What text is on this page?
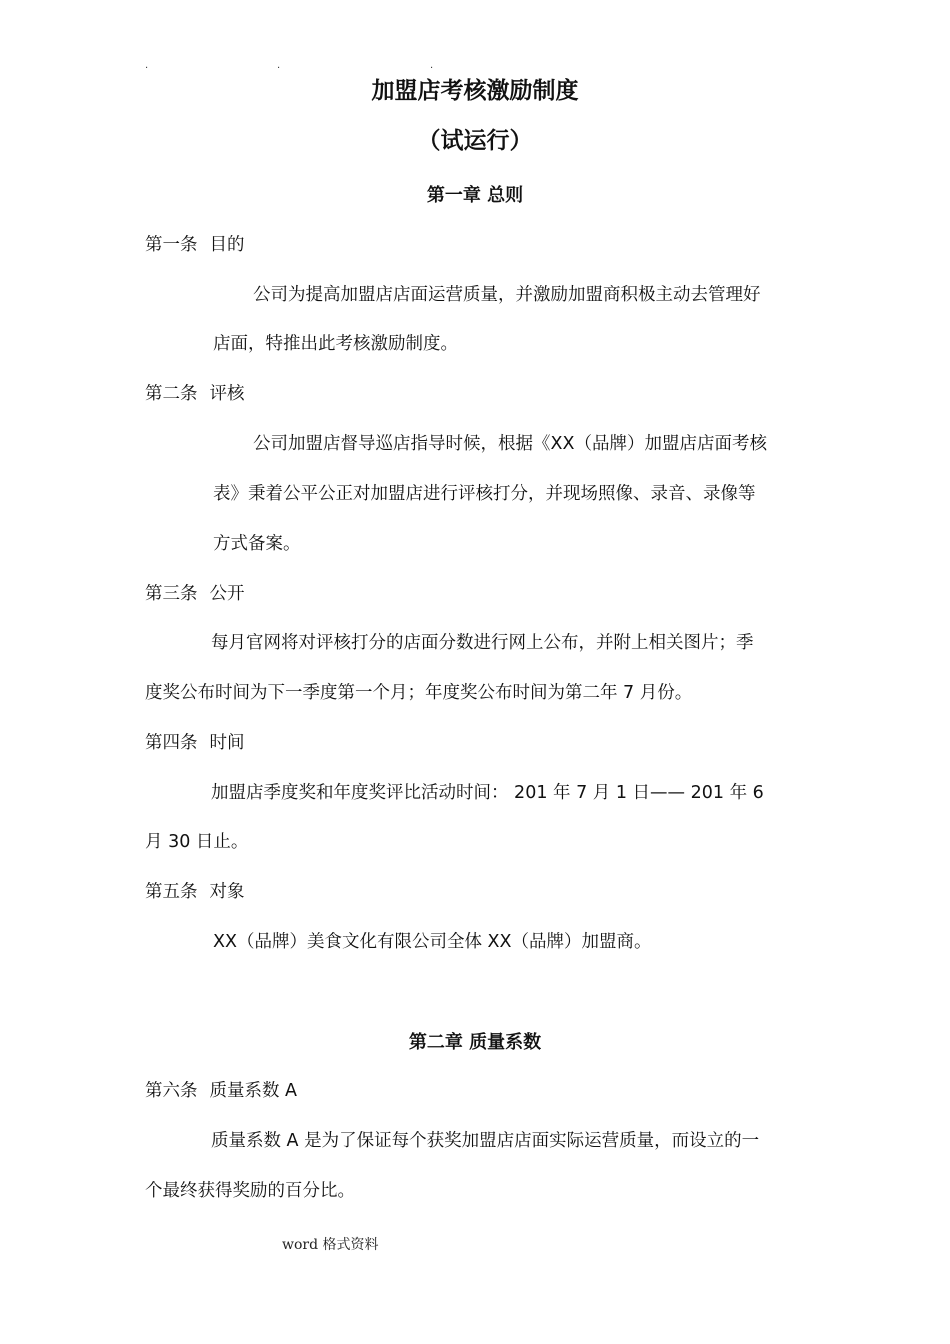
.	.	.
加盟店考核激励制度
（试运行）
第一章 总则

第一条 目的

公司为提高加盟店店面运营质量，并激励加盟商积极主动去管理好

店面，特推出此考核激励制度。

第二条 评核

公司加盟店督导巡店指导时候，根据《XX（品牌）加盟店店面考核

表》秉着公平公正对加盟店进行评核打分，并现场照像、录音、录像等

方式备案。

第三条 公开

每月官网将对评核打分的店面分数进行网上公布，并附上相关图片；季

度奖公布时间为下一季度第一个月；年度奖公布时间为第二年 7 月份。

第四条 时间

加盟店季度奖和年度奖评比活动时间： 201 年 7 月 1 日—— 201 年 6

月 30 日止。

第五条 对象

XX（品牌）美食文化有限公司全体 XX（品牌）加盟商。

第二章 质量系数

第六条 质量系数 A

质量系数 A 是为了保证每个获奖加盟店店面实际运营质量，而设立的一

个最终获得奖励的百分比。

word 格式资料
